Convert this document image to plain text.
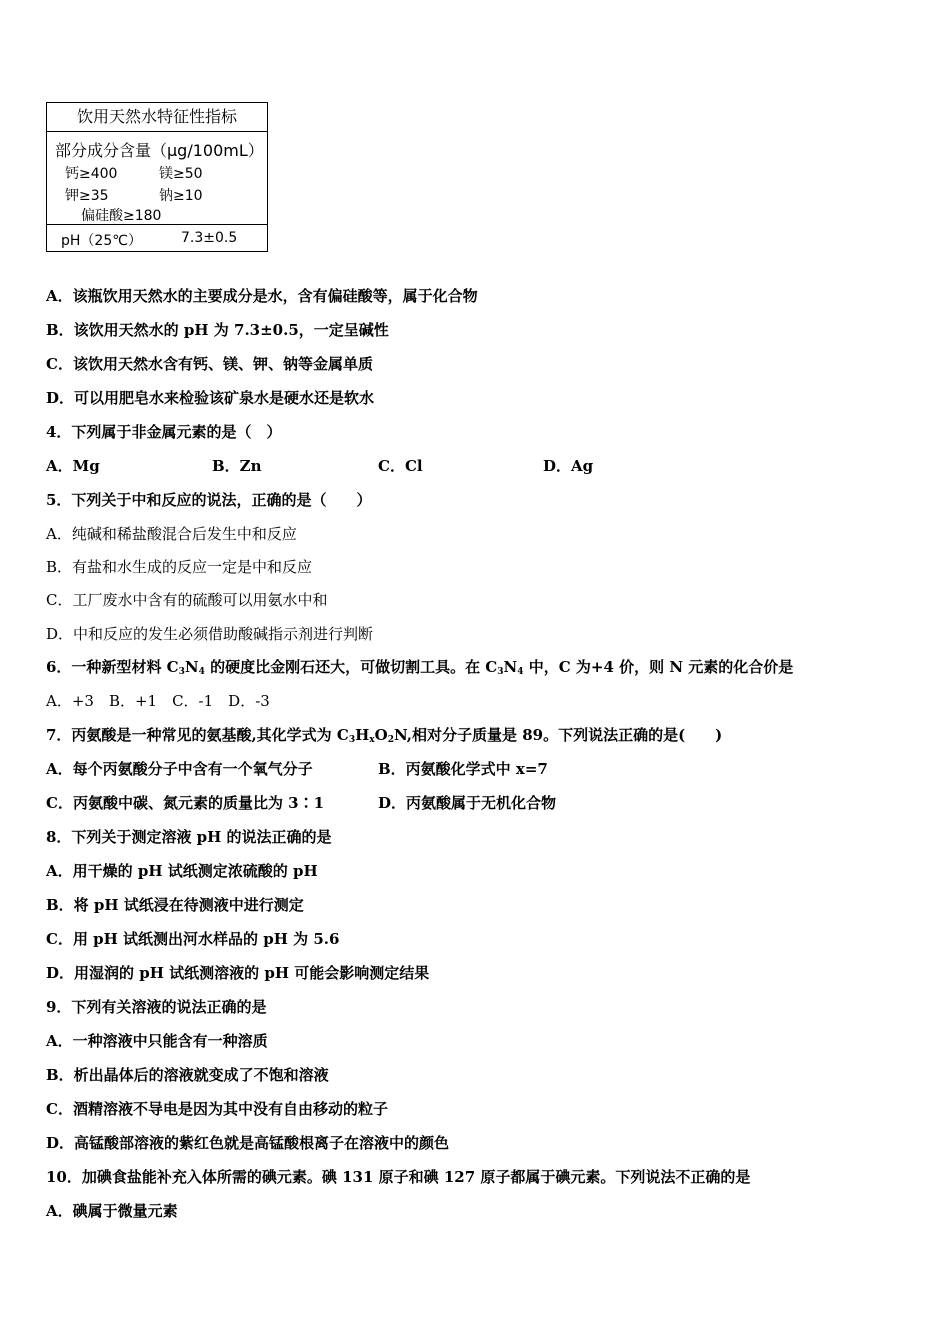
饮用天然水特征性指标
部分成分含量（μg/100mL）
钙≥400	镁≥50
钾≥35	钠≥10
偏硅酸≥180
pH（25℃）	7.3±0.5
A．该瓶饮用天然水的主要成分是水，含有偏硅酸等，属于化合物
B．该饮用天然水的 pH 为 7.3±0.5，一定呈碱性
C．该饮用天然水含有钙、镁、钾、钠等金属单质
D．可以用肥皂水来检验该矿泉水是硬水还是软水
4．下列属于非金属元素的是（　）
A．Mg	B．Zn	C．Cl	D．Ag
5．下列关于中和反应的说法，正确的是（　　）
A．纯碱和稀盐酸混合后发生中和反应
B．有盐和水生成的反应一定是中和反应
C．工厂废水中含有的硫酸可以用氨水中和
D．中和反应的发生必须借助酸碱指示剂进行判断
6．一种新型材料 $C_3N_4$ 的硬度比金刚石还大，可做切割工具。在 $C_3N_4$ 中，C 为+4 价，则 N 元素的化合价是
A．+3　B．+1　C．-1　D．-3
7．丙氨酸是一种常见的氨基酸,其化学式为 $C_3H_xO_2N$,相对分子质量是 89。下列说法正确的是(　　)
A．每个丙氨酸分子中含有一个氧气分子	B．丙氨酸化学式中 x=7
C．丙氨酸中碳、氮元素的质量比为 3∶1	D．丙氨酸属于无机化合物
8．下列关于测定溶液 pH 的说法正确的是
A．用干燥的 pH 试纸测定浓硫酸的 pH
B．将 pH 试纸浸在待测液中进行测定
C．用 pH 试纸测出河水样品的 pH 为 5.6
D．用湿润的 pH 试纸测溶液的 pH 可能会影响测定结果
9．下列有关溶液的说法正确的是
A．一种溶液中只能含有一种溶质
B．析出晶体后的溶液就变成了不饱和溶液
C．酒精溶液不导电是因为其中没有自由移动的粒子
D．高锰酸部溶液的紫红色就是高锰酸根离子在溶液中的颜色
10．加碘食盐能补充入体所需的碘元素。碘 131 原子和碘 127 原子都属于碘元素。下列说法不正确的是
A．碘属于微量元素
